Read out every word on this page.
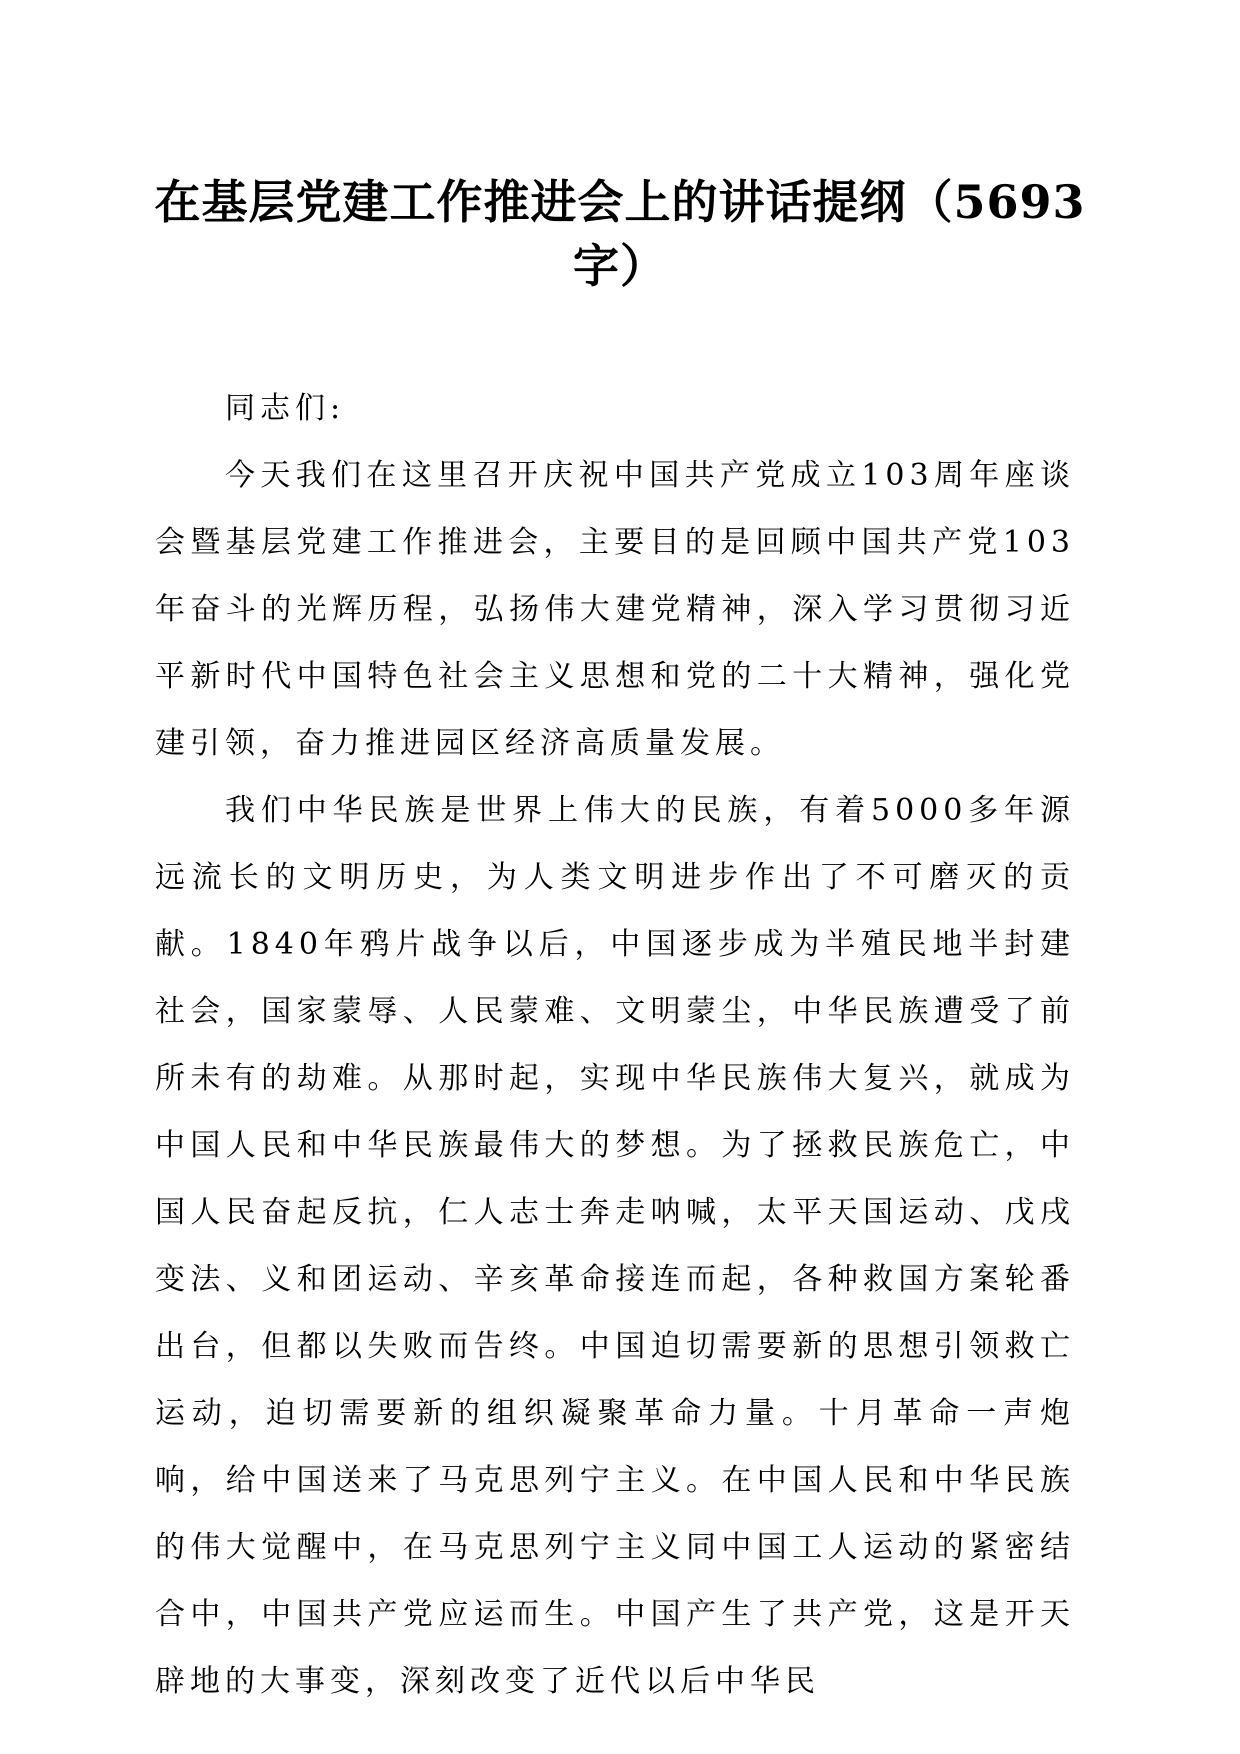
在基层党建工作推进会上的讲话提纲（5693字）

同志们:

今天我们在这里召开庆祝中国共产党成立103周年座谈会暨基层党建工作推进会，主要目的是回顾中国共产党103年奋斗的光辉历程，弘扬伟大建党精神，深入学习贯彻习近平新时代中国特色社会主义思想和党的二十大精神，强化党建引领，奋力推进园区经济高质量发展。

我们中华民族是世界上伟大的民族，有着5000多年源远流长的文明历史，为人类文明进步作出了不可磨灭的贡献。1840年鸦片战争以后，中国逐步成为半殖民地半封建社会，国家蒙辱、人民蒙难、文明蒙尘，中华民族遭受了前所未有的劫难。从那时起，实现中华民族伟大复兴，就成为中国人民和中华民族最伟大的梦想。为了拯救民族危亡，中国人民奋起反抗，仁人志士奔走呐喊，太平天国运动、戊戌变法、义和团运动、辛亥革命接连而起，各种救国方案轮番出台，但都以失败而告终。中国迫切需要新的思想引领救亡运动，迫切需要新的组织凝聚革命力量。十月革命一声炮响，给中国送来了马克思列宁主义。在中国人民和中华民族的伟大觉醒中，在马克思列宁主义同中国工人运动的紧密结合中，中国共产党应运而生。中国产生了共产党，这是开天辟地的大事变，深刻改变了近代以后中华民
